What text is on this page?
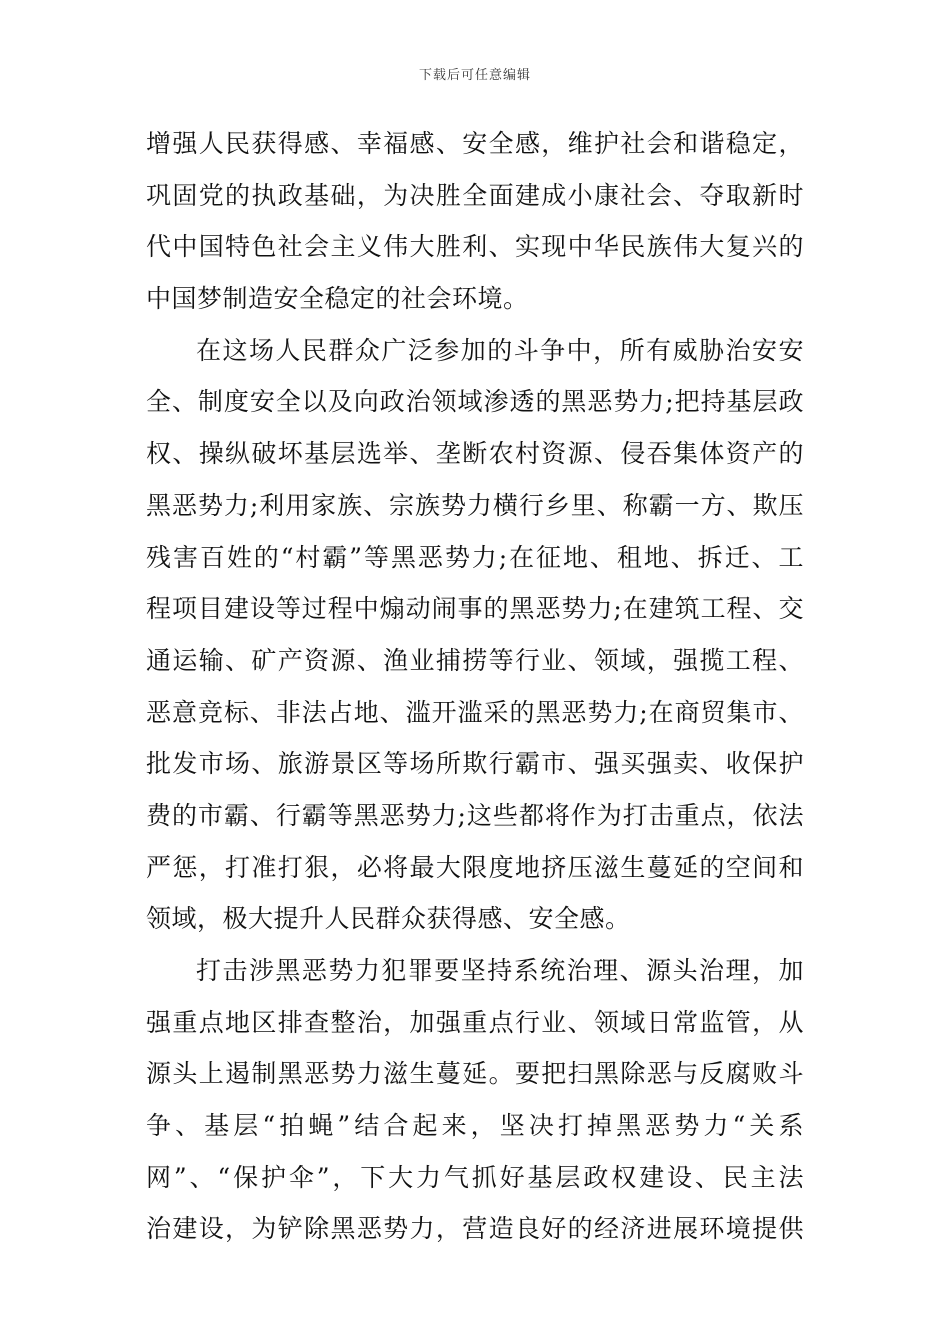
下载后可任意编辑
增强人民获得感、幸福感、安全感，维护社会和谐稳定，
巩固党的执政基础，为决胜全面建成小康社会、夺取新时
代中国特色社会主义伟大胜利、实现中华民族伟大复兴的
中国梦制造安全稳定的社会环境。
在这场人民群众广泛参加的斗争中，所有威胁治安安
全、制度安全以及向政治领域渗透的黑恶势力;把持基层政
权、操纵破坏基层选举、垄断农村资源、侵吞集体资产的
黑恶势力;利用家族、宗族势力横行乡里、称霸一方、欺压
残害百姓的“村霸”等黑恶势力;在征地、租地、拆迁、工
程项目建设等过程中煽动闹事的黑恶势力;在建筑工程、交
通运输、矿产资源、渔业捕捞等行业、领域，强揽工程、
恶意竞标、非法占地、滥开滥采的黑恶势力;在商贸集市、
批发市场、旅游景区等场所欺行霸市、强买强卖、收保护
费的市霸、行霸等黑恶势力;这些都将作为打击重点，依法
严惩，打准打狠，必将最大限度地挤压滋生蔓延的空间和
领域，极大提升人民群众获得感、安全感。
打击涉黑恶势力犯罪要坚持系统治理、源头治理，加
强重点地区排查整治，加强重点行业、领域日常监管，从
源头上遏制黑恶势力滋生蔓延。要把扫黑除恶与反腐败斗
争、基层“拍蝇”结合起来，坚决打掉黑恶势力“关系
网”、“保护伞”，下大力气抓好基层政权建设、民主法
治建设，为铲除黑恶势力，营造良好的经济进展环境提供
